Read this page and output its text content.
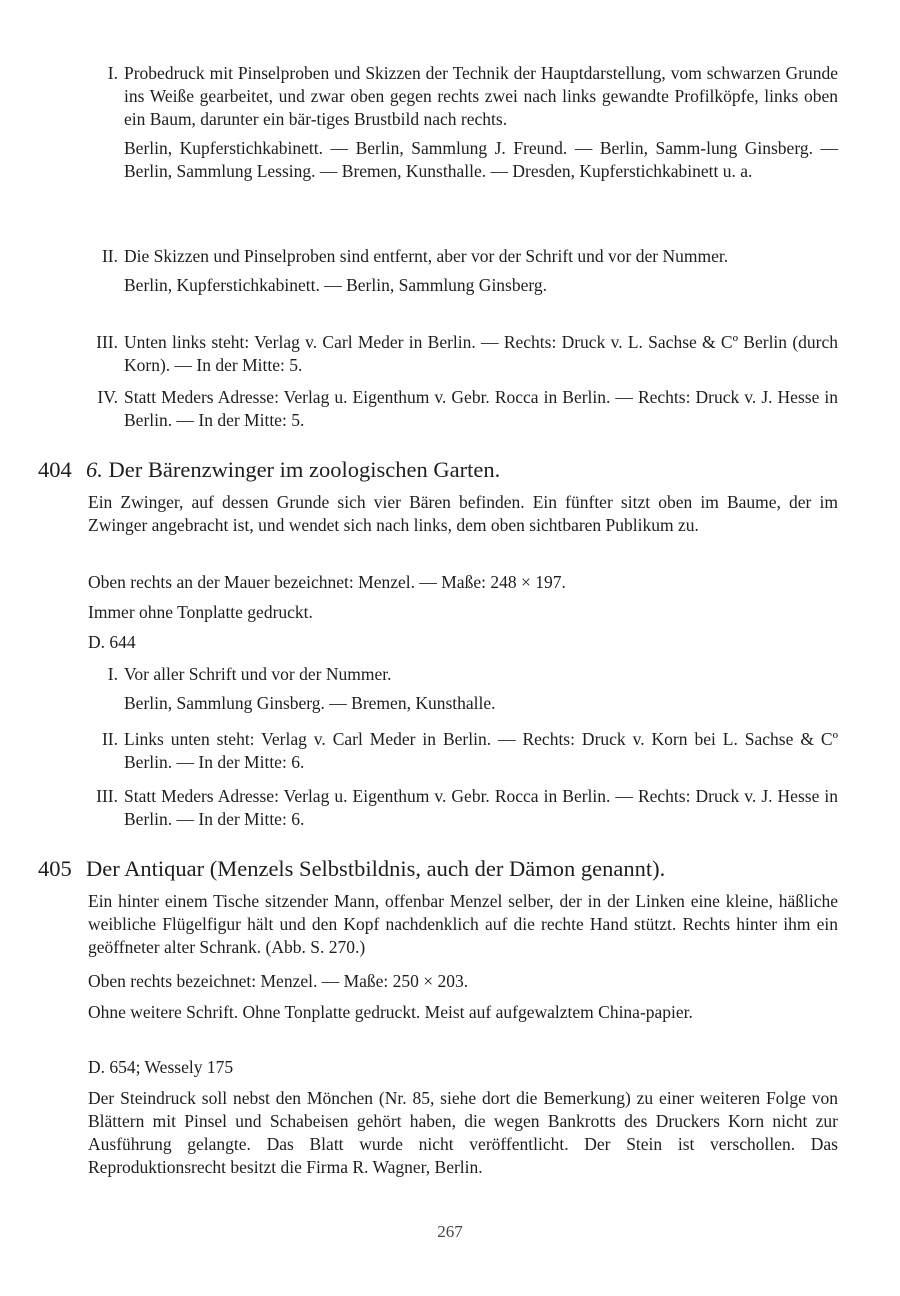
I. Probedruck mit Pinselproben und Skizzen der Technik der Hauptdarstellung, vom schwarzen Grunde ins Weiße gearbeitet, und zwar oben gegen rechts zwei nach links gewandte Profilköpfe, links oben ein Baum, darunter ein bär-tiges Brustbild nach rechts.

Berlin, Kupferstichkabinett. — Berlin, Sammlung J. Freund. — Berlin, Samm-lung Ginsberg. — Berlin, Sammlung Lessing. — Bremen, Kunsthalle. — Dresden, Kupferstichkabinett u. a.

II. Die Skizzen und Pinselproben sind entfernt, aber vor der Schrift und vor der Nummer.

Berlin, Kupferstichkabinett. — Berlin, Sammlung Ginsberg.

III. Unten links steht: Verlag v. Carl Meder in Berlin. — Rechts: Druck v. L. Sachse & Cº Berlin (durch Korn). — In der Mitte: 5.

IV. Statt Meders Adresse: Verlag u. Eigenthum v. Gebr. Rocca in Berlin. — Rechts: Druck v. J. Hesse in Berlin. — In der Mitte: 5.

404 6. Der Bärenzwinger im zoologischen Garten.

Ein Zwinger, auf dessen Grunde sich vier Bären befinden. Ein fünfter sitzt oben im Baume, der im Zwinger angebracht ist, und wendet sich nach links, dem oben sichtbaren Publikum zu.

Oben rechts an der Mauer bezeichnet: Menzel. — Maße: 248 × 197.

Immer ohne Tonplatte gedruckt.

D. 644

I. Vor aller Schrift und vor der Nummer.

Berlin, Sammlung Ginsberg. — Bremen, Kunsthalle.

II. Links unten steht: Verlag v. Carl Meder in Berlin. — Rechts: Druck v. Korn bei L. Sachse & Cº Berlin. — In der Mitte: 6.

III. Statt Meders Adresse: Verlag u. Eigenthum v. Gebr. Rocca in Berlin. — Rechts: Druck v. J. Hesse in Berlin. — In der Mitte: 6.

405 Der Antiquar (Menzels Selbstbildnis, auch der Dämon genannt).

Ein hinter einem Tische sitzender Mann, offenbar Menzel selber, der in der Linken eine kleine, häßliche weibliche Flügelfigur hält und den Kopf nachdenklich auf die rechte Hand stützt. Rechts hinter ihm ein geöffneter alter Schrank. (Abb. S. 270.)

Oben rechts bezeichnet: Menzel. — Maße: 250 × 203.

Ohne weitere Schrift. Ohne Tonplatte gedruckt. Meist auf aufgewalztem China-papier.

D. 654; Wessely 175

Der Steindruck soll nebst den Mönchen (Nr. 85, siehe dort die Bemerkung) zu einer weiteren Folge von Blättern mit Pinsel und Schabeisen gehört haben, die wegen Bankrotts des Druckers Korn nicht zur Ausführung gelangte. Das Blatt wurde nicht veröffentlicht. Der Stein ist verschollen. Das Reproduktionsrecht besitzt die Firma R. Wagner, Berlin.

267
